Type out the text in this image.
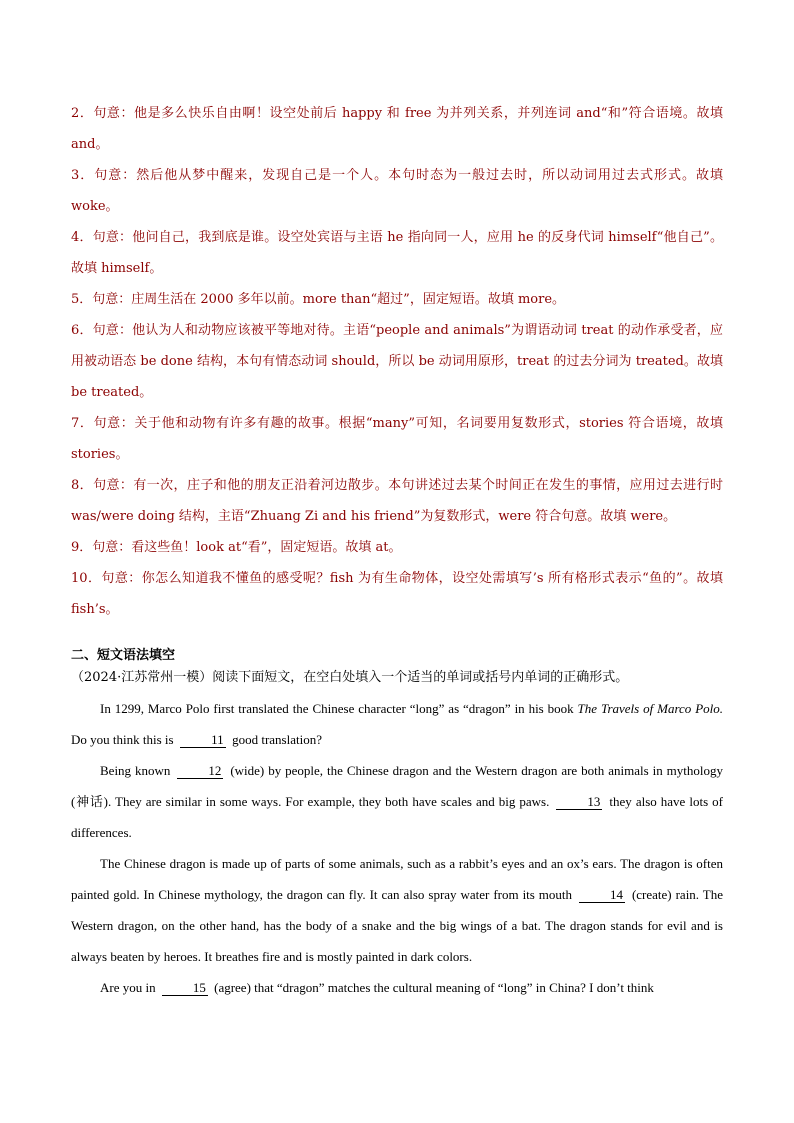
2．句意：他是多么快乐自由啊！设空处前后 happy 和 free 为并列关系，并列连词 and“和”符合语境。故填 and。

3．句意：然后他从梦中醒来，发现自己是一个人。本句时态为一般过去时，所以动词用过去式形式。故填 woke。

4．句意：他问自己，我到底是谁。设空处宾语与主语 he 指向同一人，应用 he 的反身代词 himself“他自己”。故填 himself。

5．句意：庄周生活在 2000 多年以前。more than“超过”，固定短语。故填 more。

6．句意：他认为人和动物应该被平等地对待。主语“people and animals”为谓语动词 treat 的动作承受者，应用被动语态 be done 结构，本句有情态动词 should，所以 be 动词用原形，treat 的过去分词为 treated。故填 be treated。

7．句意：关于他和动物有许多有趣的故事。根据“many”可知，名词要用复数形式，stories 符合语境，故填 stories。

8．句意：有一次，庄子和他的朋友正沿着河边散步。本句讲述过去某个时间正在发生的事情，应用过去进行时 was/were doing 结构，主语“Zhuang Zi and his friend”为复数形式，were 符合句意。故填 were。

9．句意：看这些鱼！look at“看”，固定短语。故填 at。

10．句意：你怎么知道我不懂鱼的感受呢？fish 为有生命物体，设空处需填写’s 所有格形式表示“鱼的”。故填 fish’s。

二、短文语法填空

（2024·江苏常州一模）阅读下面短文，在空白处填入一个适当的单词或括号内单词的正确形式。

In 1299, Marco Polo first translated the Chinese character “long” as “dragon” in his book The Travels of Marco Polo. Do you think this is	11 good translation?

Being known	12 (wide) by people, the Chinese dragon and the Western dragon are both animals in mythology (神话). They are similar in some ways. For example, they both have scales and big paws.	13 they also have lots of differences.

The Chinese dragon is made up of parts of some animals, such as a rabbit’s eyes and an ox’s ears. The dragon is often painted gold. In Chinese mythology, the dragon can fly. It can also spray water from its mouth	14 (create) rain. The Western dragon, on the other hand, has the body of a snake and the big wings of a bat. The dragon stands for evil and is always beaten by heroes. It breathes fire and is mostly painted in dark colors.

Are you in	15 (agree) that “dragon” matches the cultural meaning of “long” in China? I don’t think
